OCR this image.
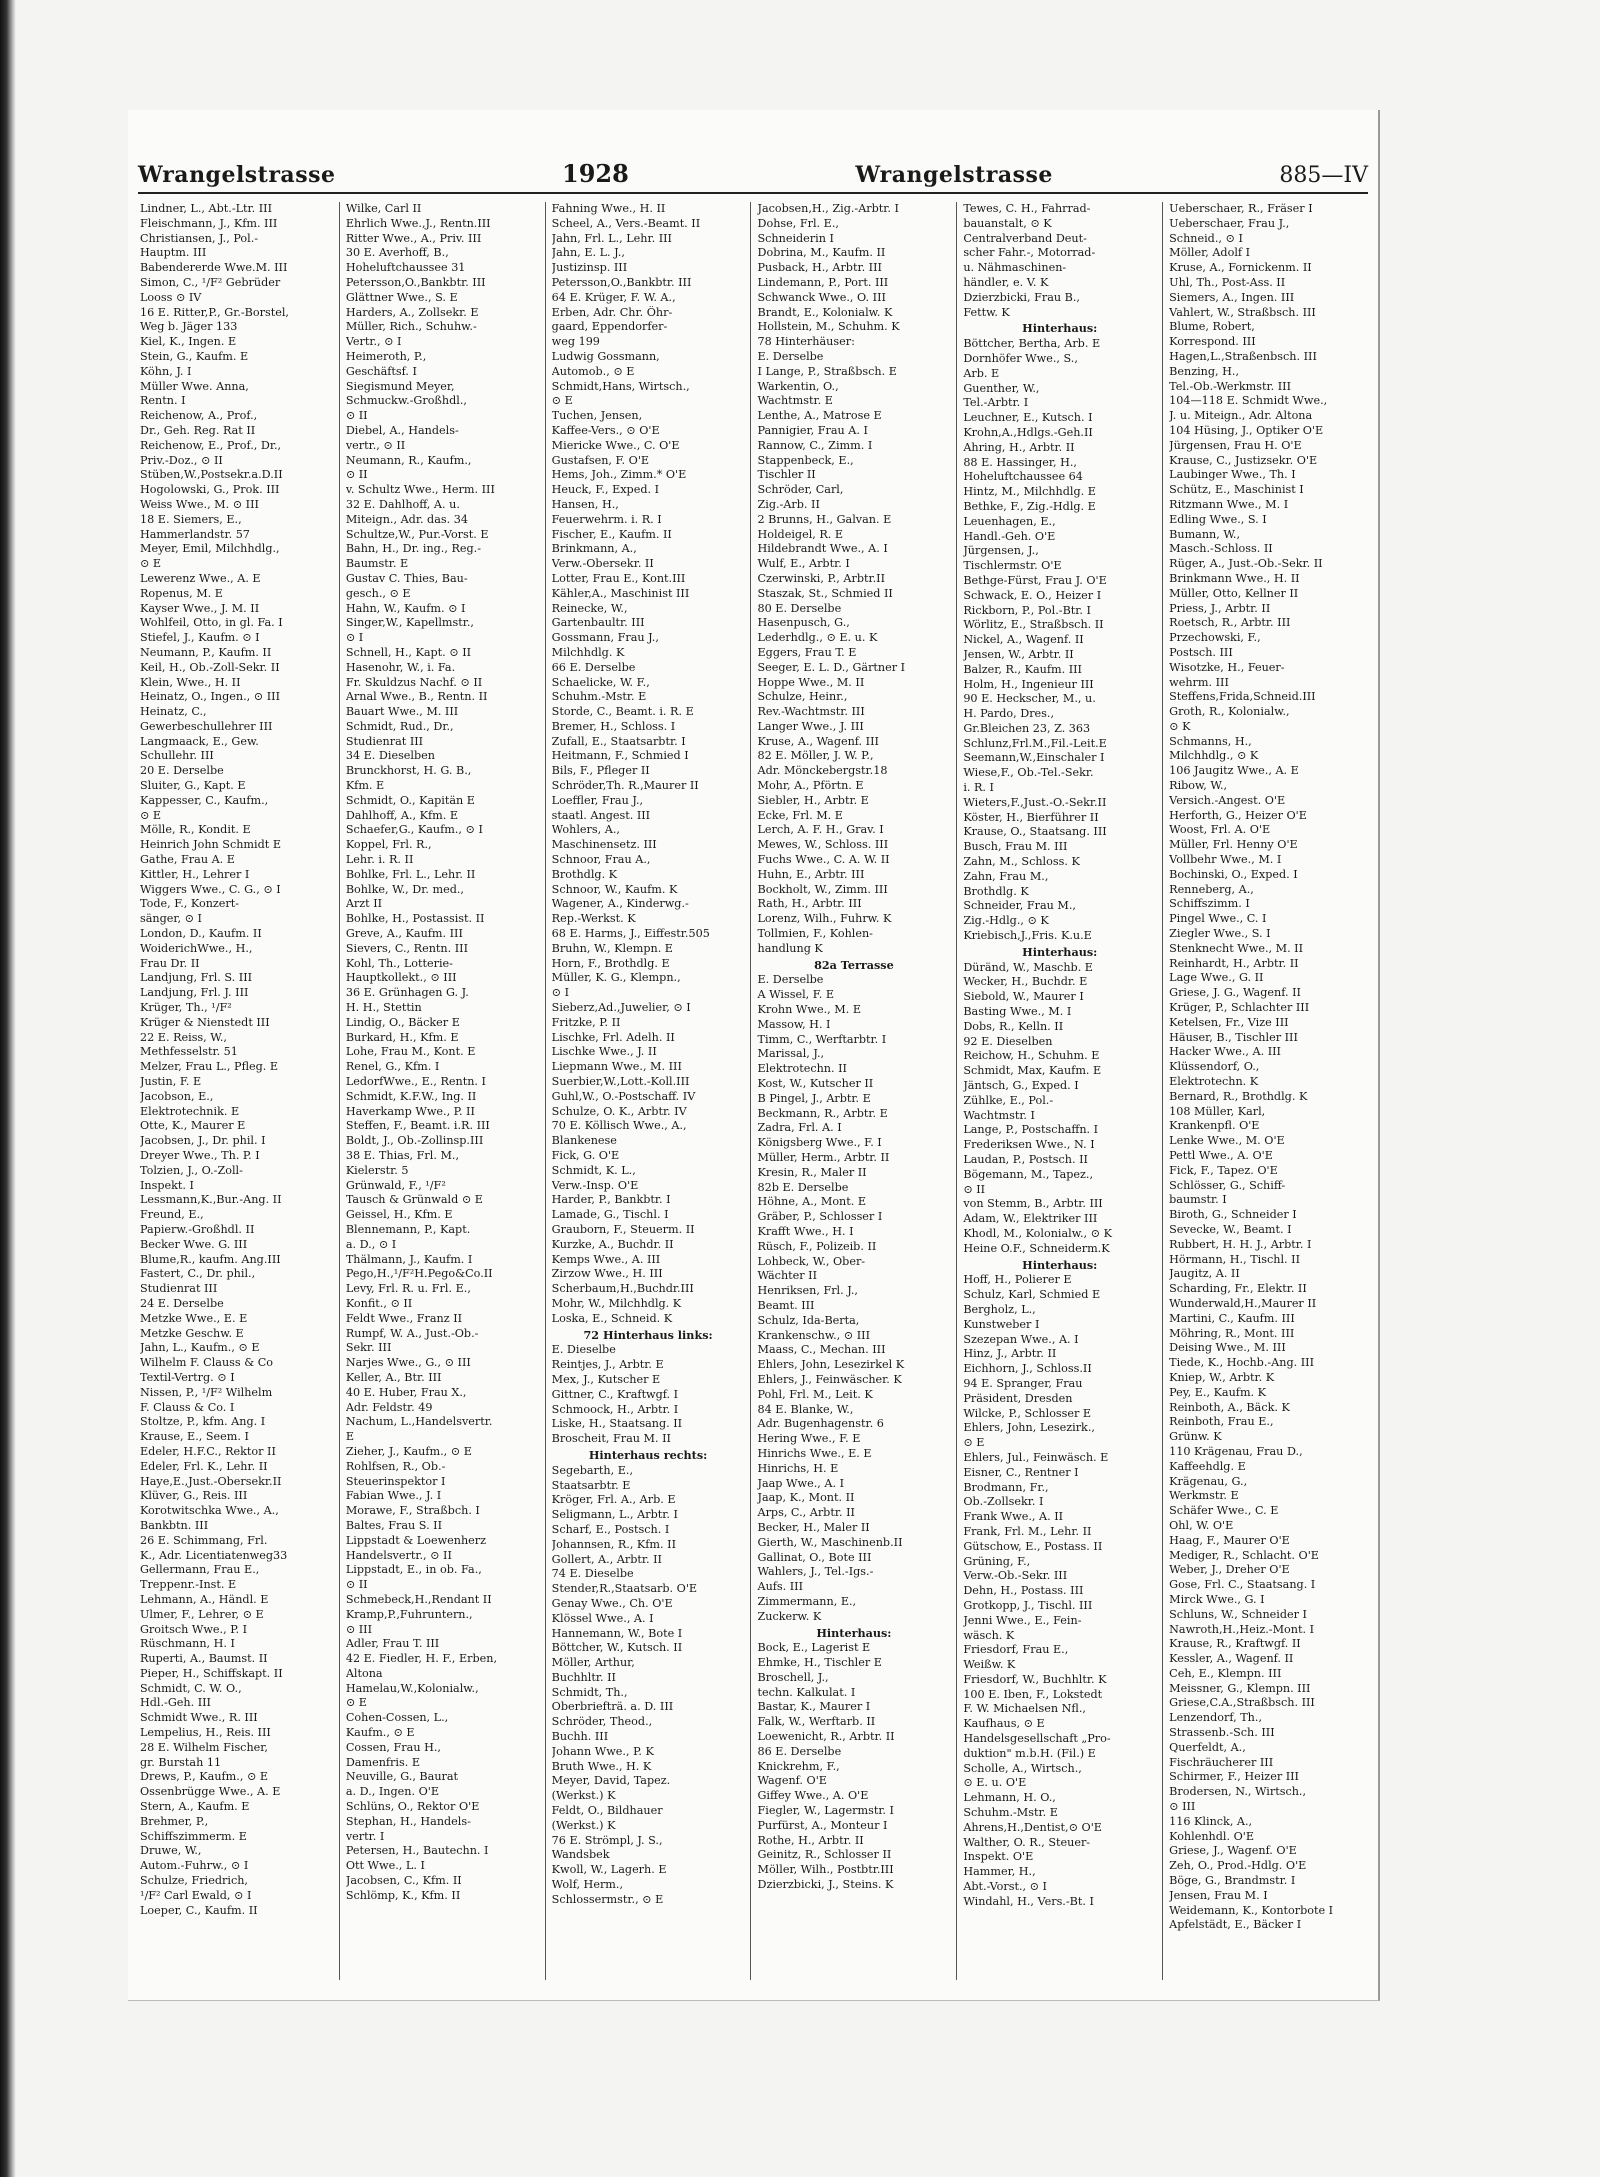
Wrangelstrasse	1928	Wrangelstrasse	885—IV
Lindner, L., Abt.-Ltr. III
Fleischmann, J., Kfm. III
Christiansen, J., Pol.-
Hauptm. III
Babendererde Wwe.M. III
Simon, C., ¹/F² Gebrüder
Looss ⊙ IV
16 E. Ritter,P., Gr.-Borstel,
Weg b. Jäger 133
Kiel, K., Ingen. E
Stein, G., Kaufm. E
Köhn, J. I
Müller Wwe. Anna,
Rentn. I
Reichenow, A., Prof.,
Dr., Geh. Reg. Rat II
Reichenow, E., Prof., Dr.,
Priv.-Doz., ⊙ II
Stüben,W.,Postsekr.a.D.II
Hogolowski, G., Prok. III
Weiss Wwe., M. ⊙ III
18 E. Siemers, E.,
Hammerlandstr. 57
Meyer, Emil, Milchhdlg.,
⊙ E
Lewerenz Wwe., A. E
Ropenus, M. E
Kayser Wwe., J. M. II
Wohlfeil, Otto, in gl. Fa. I
Stiefel, J., Kaufm. ⊙ I
Neumann, P., Kaufm. II
Keil, H., Ob.-Zoll-Sekr. II
Klein, Wwe., H. II
Heinatz, O., Ingen., ⊙ III
Heinatz, C.,
Gewerbeschullehrer III
Langmaack, E., Gew.
Schullehr. III
20 E. Derselbe
Sluiter, G., Kapt. E
Kappesser, C., Kaufm.,
⊙ E
Mölle, R., Kondit. E
Heinrich John Schmidt E
Gathe, Frau A. E
Kittler, H., Lehrer I
Wiggers Wwe., C. G., ⊙ I
Tode, F., Konzert-
sänger, ⊙ I
London, D., Kaufm. II
WoiderichWwe., H.,
Frau Dr. II
Landjung, Frl. S. III
Landjung, Frl. J. III
Krüger, Th., ¹/F²
Krüger & Nienstedt III
22 E. Reiss, W.,
Methfesselstr. 51
Melzer, Frau L., Pfleg. E
Justin, F. E
Jacobson, E.,
Elektrotechnik. E
Otte, K., Maurer E
Jacobsen, J., Dr. phil. I
Dreyer Wwe., Th. P. I
Tolzien, J., O.-Zoll-
Inspekt. I
Lessmann,K.,Bur.-Ang. II
Freund, E.,
Papierw.-Großhdl. II
Becker Wwe. G. III
Blume,R., kaufm. Ang.III
Fastert, C., Dr. phil.,
Studienrat III
24 E. Derselbe
Metzke Wwe., E. E
Metzke Geschw. E
Jahn, L., Kaufm., ⊙ E
Wilhelm F. Clauss & Co
Textil-Vertrg. ⊙ I
Nissen, P., ¹/F² Wilhelm
F. Clauss & Co. I
Stoltze, P., kfm. Ang. I
Krause, E., Seem. I
Edeler, H.F.C., Rektor II
Edeler, Frl. K., Lehr. II
Haye,E.,Just.-Obersekr.II
Klüver, G., Reis. III
Korotwitschka Wwe., A.,
Bankbtn. III
26 E. Schimmang, Frl.
K., Adr. Licentiatenweg33
Gellermann, Frau E.,
Treppenr.-Inst. E
Lehmann, A., Händl. E
Ulmer, F., Lehrer, ⊙ E
Groitsch Wwe., P. I
Rüschmann, H. I
Ruperti, A., Baumst. II
Pieper, H., Schiffskapt. II
Schmidt, C. W. O.,
Hdl.-Geh. III
Schmidt Wwe., R. III
Lempelius, H., Reis. III
28 E. Wilhelm Fischer,
gr. Burstah 11
Drews, P., Kaufm., ⊙ E
Ossenbrügge Wwe., A. E
Stern, A., Kaufm. E
Brehmer, P.,
Schiffszimmerm. E
Druwe, W.,
Autom.-Fuhrw., ⊙ I
Schulze, Friedrich,
¹/F² Carl Ewald, ⊙ I
Loeper, C., Kaufm. II
Wilke, Carl II
Ehrlich Wwe.,J., Rentn.III
Ritter Wwe., A., Priv. III
30 E. Averhoff, B.,
Hoheluftchaussee 31
Petersson,O.,Bankbtr. III
Glättner Wwe., S. E
Harders, A., Zollsekr. E
Müller, Rich., Schuhw.-
Vertr., ⊙ I
Heimeroth, P.,
Geschäftsf. I
Siegismund Meyer,
Schmuckw.-Großhdl.,
⊙ II
Diebel, A., Handels-
vertr., ⊙ II
Neumann, R., Kaufm.,
⊙ II
v. Schultz Wwe., Herm. III
32 E. Dahlhoff, A. u.
Miteign., Adr. das. 34
Schultze,W., Pur.-Vorst. E
Bahn, H., Dr. ing., Reg.-
Baumstr. E
Gustav C. Thies, Bau-
gesch., ⊙ E
Hahn, W., Kaufm. ⊙ I
Singer,W., Kapellmstr.,
⊙ I
Schnell, H., Kapt. ⊙ II
Hasenohr, W., i. Fa.
Fr. Skuldzus Nachf. ⊙ II
Arnal Wwe., B., Rentn. II
Bauart Wwe., M. III
Schmidt, Rud., Dr.,
Studienrat III
34 E. Dieselben
Brunckhorst, H. G. B.,
Kfm. E
Schmidt, O., Kapitän E
Dahlhoff, A., Kfm. E
Schaefer,G., Kaufm., ⊙ I
Koppel, Frl. R.,
Lehr. i. R. II
Bohlke, Frl. L., Lehr. II
Bohlke, W., Dr. med.,
Arzt II
Bohlke, H., Postassist. II
Greve, A., Kaufm. III
Sievers, C., Rentn. III
Kohl, Th., Lotterie-
Hauptkollekt., ⊙ III
36 E. Grünhagen G. J.
H. H., Stettin
Lindig, O., Bäcker E
Burkard, H., Kfm. E
Lohe, Frau M., Kont. E
Renel, G., Kfm. I
LedorfWwe., E., Rentn. I
Schmidt, K.F.W., Ing. II
Haverkamp Wwe., P. II
Steffen, F., Beamt. i.R. III
Boldt, J., Ob.-Zollinsp.III
38 E. Thias, Frl. M.,
Kielerstr. 5
Grünwald, F., ¹/F²
Tausch & Grünwald ⊙ E
Geissel, H., Kfm. E
Blennemann, P., Kapt.
a. D., ⊙ I
Thälmann, J., Kaufm. I
Pego,H.,¹/F²H.Pego&Co.II
Levy, Frl. R. u. Frl. E.,
Konfit., ⊙ II
Feldt Wwe., Franz II
Rumpf, W. A., Just.-Ob.-
Sekr. III
Narjes Wwe., G., ⊙ III
Keller, A., Btr. III
40 E. Huber, Frau X.,
Adr. Feldstr. 49
Nachum, L.,Handelsvertr.
E
Zieher, J., Kaufm., ⊙ E
Rohlfsen, R., Ob.-
Steuerinspektor I
Fabian Wwe., J. I
Morawe, F., Straßbch. I
Baltes, Frau S. II
Lippstadt & Loewenherz
Handelsvertr., ⊙ II
Lippstadt, E., in ob. Fa.,
⊙ II
Schmebeck,H.,Rendant II
Kramp,P.,Fuhruntern.,
⊙ III
Adler, Frau T. III
42 E. Fiedler, H. F., Erben,
Altona
Hamelau,W.,Kolonialw.,
⊙ E
Cohen-Cossen, L.,
Kaufm., ⊙ E
Cossen, Frau H.,
Damenfris. E
Neuville, G., Baurat
a. D., Ingen. O'E
Schlüns, O., Rektor O'E
Stephan, H., Handels-
vertr. I
Petersen, H., Bautechn. I
Ott Wwe., L. I
Jacobsen, C., Kfm. II
Schlömp, K., Kfm. II
Fahning Wwe., H. II
Scheel, A., Vers.-Beamt. II
Jahn, Frl. L., Lehr. III
Jahn, E. L. J.,
Justizinsp. III
Petersson,O.,Bankbtr. III
64 E. Krüger, F. W. A.,
Erben, Adr. Chr. Öhr-
gaard, Eppendorfer-
weg 199
Ludwig Gossmann,
Automob., ⊙ E
Schmidt,Hans, Wirtsch.,
⊙ E
Tuchen, Jensen,
Kaffee-Vers., ⊙ O'E
Miericke Wwe., C. O'E
Gustafsen, F. O'E
Hems, Joh., Zimm.* O'E
Heuck, F., Exped. I
Hansen, H.,
Feuerwehrm. i. R. I
Fischer, E., Kaufm. II
Brinkmann, A.,
Verw.-Obersekr. II
Lotter, Frau E., Kont.III
Kähler,A., Maschinist III
Reinecke, W.,
Gartenbaultr. III
Gossmann, Frau J.,
Milchhdlg. K
66 E. Derselbe
Schaelicke, W. F.,
Schuhm.-Mstr. E
Storde, C., Beamt. i. R. E
Bremer, H., Schloss. I
Zufall, E., Staatsarbtr. I
Heitmann, F., Schmied I
Bils, F., Pfleger II
Schröder,Th. R.,Maurer II
Loeffler, Frau J.,
staatl. Angest. III
Wohlers, A.,
Maschinensetz. III
Schnoor, Frau A.,
Brothdlg. K
Schnoor, W., Kaufm. K
Wagener, A., Kinderwg.-
Rep.-Werkst. K
68 E. Harms, J., Eiffestr.505
Bruhn, W., Klempn. E
Horn, F., Brothdlg. E
Müller, K. G., Klempn.,
⊙ I
Sieberz,Ad.,Juwelier, ⊙ I
Fritzke, P. II
Lischke, Frl. Adelh. II
Lischke Wwe., J. II
Liepmann Wwe., M. III
Suerbier,W.,Lott.-Koll.III
Guhl,W., O.-Postschaff. IV
Schulze, O. K., Arbtr. IV
70 E. Köllisch Wwe., A.,
Blankenese
Fick, G. O'E
Schmidt, K. L.,
Verw.-Insp. O'E
Harder, P., Bankbtr. I
Lamade, G., Tischl. I
Grauborn, F., Steuerm. II
Kurzke, A., Buchdr. II
Kemps Wwe., A. III
Zirzow Wwe., H. III
Scherbaum,H.,Buchdr.III
Mohr, W., Milchhdlg. K
Loska, E., Schneid. K
72 Hinterhaus links:
E. Dieselbe
Reintjes, J., Arbtr. E
Mex, J., Kutscher E
Gittner, C., Kraftwgf. I
Schmoock, H., Arbtr. I
Liske, H., Staatsang. II
Broscheit, Frau M. II
Hinterhaus rechts:
Segebarth, E.,
Staatsarbtr. E
Kröger, Frl. A., Arb. E
Seligmann, L., Arbtr. I
Scharf, E., Postsch. I
Johannsen, R., Kfm. II
Gollert, A., Arbtr. II
74 E. Dieselbe
Stender,R.,Staatsarb. O'E
Genay Wwe., Ch. O'E
Klössel Wwe., A. I
Hannemann, W., Bote I
Böttcher, W., Kutsch. II
Möller, Arthur,
Buchhltr. II
Schmidt, Th.,
Oberbriefträ. a. D. III
Schröder, Theod.,
Buchh. III
Johann Wwe., P. K
Bruth Wwe., H. K
Meyer, David, Tapez.
(Werkst.) K
Feldt, O., Bildhauer
(Werkst.) K
76 E. Strömpl, J. S.,
Wandsbek
Kwoll, W., Lagerh. E
Wolf, Herm.,
Schlossermstr., ⊙ E
Jacobsen,H., Zig.-Arbtr. I
Dohse, Frl. E.,
Schneiderin I
Dobrina, M., Kaufm. II
Pusback, H., Arbtr. III
Lindemann, P., Port. III
Schwanck Wwe., O. III
Brandt, E., Kolonialw. K
Hollstein, M., Schuhm. K
78 Hinterhäuser:
E. Derselbe
I Lange, P., Straßbsch. E
Warkentin, O.,
Wachtmstr. E
Lenthe, A., Matrose E
Pannigier, Frau A. I
Rannow, C., Zimm. I
Stappenbeck, E.,
Tischler II
Schröder, Carl,
Zig.-Arb. II
2 Brunns, H., Galvan. E
Holdeigel, R. E
Hildebrandt Wwe., A. I
Wulf, E., Arbtr. I
Czerwinski, P., Arbtr.II
Staszak, St., Schmied II
80 E. Derselbe
Hasenpusch, G.,
Lederhdlg., ⊙ E. u. K
Eggers, Frau T. E
Seeger, E. L. D., Gärtner I
Hoppe Wwe., M. II
Schulze, Heinr.,
Rev.-Wachtmstr. III
Langer Wwe., J. III
Kruse, A., Wagenf. III
82 E. Möller, J. W. P.,
Adr. Mönckebergstr.18
Mohr, A., Pförtn. E
Siebler, H., Arbtr. E
Ecke, Frl. M. E
Lerch, A. F. H., Grav. I
Mewes, W., Schloss. III
Fuchs Wwe., C. A. W. II
Huhn, E., Arbtr. III
Bockholt, W., Zimm. III
Rath, H., Arbtr. III
Lorenz, Wilh., Fuhrw. K
Tollmien, F., Kohlen-
handlung K
82a Terrasse
E. Derselbe
A Wissel, F. E
Krohn Wwe., M. E
Massow, H. I
Timm, C., Werftarbtr. I
Marissal, J.,
Elektrotechn. II
Kost, W., Kutscher II
B Pingel, J., Arbtr. E
Beckmann, R., Arbtr. E
Zadra, Frl. A. I
Königsberg Wwe., F. I
Müller, Herm., Arbtr. II
Kresin, R., Maler II
82b E. Derselbe
Höhne, A., Mont. E
Gräber, P., Schlosser I
Krafft Wwe., H. I
Rüsch, F., Polizeib. II
Lohbeck, W., Ober-
Wächter II
Henriksen, Frl. J.,
Beamt. III
Schulz, Ida-Berta,
Krankenschw., ⊙ III
Maass, C., Mechan. III
Ehlers, John, Lesezirkel K
Ehlers, J., Feinwäscher. K
Pohl, Frl. M., Leit. K
84 E. Blanke, W.,
Adr. Bugenhagenstr. 6
Hering Wwe., F. E
Hinrichs Wwe., E. E
Hinrichs, H. E
Jaap Wwe., A. I
Jaap, K., Mont. II
Arps, C., Arbtr. II
Becker, H., Maler II
Gierth, W., Maschinenb.II
Gallinat, O., Bote III
Wahlers, J., Tel.-Igs.-
Aufs. III
Zimmermann, E.,
Zuckerw. K
Hinterhaus:
Bock, E., Lagerist E
Ehmke, H., Tischler E
Broschell, J.,
techn. Kalkulat. I
Bastar, K., Maurer I
Falk, W., Werftarb. II
Loewenicht, R., Arbtr. II
86 E. Derselbe
Knickrehm, F.,
Wagenf. O'E
Giffey Wwe., A. O'E
Fiegler, W., Lagermstr. I
Purfürst, A., Monteur I
Rothe, H., Arbtr. II
Geinitz, R., Schlosser II
Möller, Wilh., Postbtr.III
Dzierzbicki, J., Steins. K
Tewes, C. H., Fahrrad-
bauanstalt, ⊙ K
Centralverband Deut-
scher Fahr.-, Motorrad-
u. Nähmaschinen-
händler, e. V. K
Dzierzbicki, Frau B.,
Fettw. K
Hinterhaus:
Böttcher, Bertha, Arb. E
Dornhöfer Wwe., S.,
Arb. E
Guenther, W.,
Tel.-Arbtr. I
Leuchner, E., Kutsch. I
Krohn,A.,Hdlgs.-Geh.II
Ahring, H., Arbtr. II
88 E. Hassinger, H.,
Hoheluftchaussee 64
Hintz, M., Milchhdlg. E
Bethke, F., Zig.-Hdlg. E
Leuenhagen, E.,
Handl.-Geh. O'E
Jürgensen, J.,
Tischlermstr. O'E
Bethge-Fürst, Frau J. O'E
Schwack, E. O., Heizer I
Rickborn, P., Pol.-Btr. I
Wörlitz, E., Straßbsch. II
Nickel, A., Wagenf. II
Jensen, W., Arbtr. II
Balzer, R., Kaufm. III
Holm, H., Ingenieur III
90 E. Heckscher, M., u.
H. Pardo, Dres.,
Gr.Bleichen 23, Z. 363
Schlunz,Frl.M.,Fil.-Leit.E
Seemann,W.,Einschaler I
Wiese,F., Ob.-Tel.-Sekr.
i. R. I
Wieters,F.,Just.-O.-Sekr.II
Köster, H., Bierführer II
Krause, O., Staatsang. III
Busch, Frau M. III
Zahn, M., Schloss. K
Zahn, Frau M.,
Brothdlg. K
Schneider, Frau M.,
Zig.-Hdlg., ⊙ K
Kriebisch,J.,Fris. K.u.E
Hinterhaus:
Düränd, W., Maschb. E
Wecker, H., Buchdr. E
Siebold, W., Maurer I
Basting Wwe., M. I
Dobs, R., Kelln. II
92 E. Dieselben
Reichow, H., Schuhm. E
Schmidt, Max, Kaufm. E
Jäntsch, G., Exped. I
Zühlke, E., Pol.-
Wachtmstr. I
Lange, P., Postschaffn. I
Frederiksen Wwe., N. I
Laudan, P., Postsch. II
Bögemann, M., Tapez.,
⊙ II
von Stemm, B., Arbtr. III
Adam, W., Elektriker III
Khodl, M., Kolonialw., ⊙ K
Heine O.F., Schneiderm.K
Hinterhaus:
Hoff, H., Polierer E
Schulz, Karl, Schmied E
Bergholz, L.,
Kunstweber I
Szezepan Wwe., A. I
Hinz, J., Arbtr. II
Eichhorn, J., Schloss.II
94 E. Spranger, Frau
Präsident, Dresden
Wilcke, P., Schlosser E
Ehlers, John, Lesezirk.,
⊙ E
Ehlers, Jul., Feinwäsch. E
Eisner, C., Rentner I
Brodmann, Fr.,
Ob.-Zollsekr. I
Frank Wwe., A. II
Frank, Frl. M., Lehr. II
Gütschow, E., Postass. II
Grüning, F.,
Verw.-Ob.-Sekr. III
Dehn, H., Postass. III
Grotkopp, J., Tischl. III
Jenni Wwe., E., Fein-
wäsch. K
Friesdorf, Frau E.,
Weißw. K
Friesdorf, W., Buchhltr. K
100 E. Iben, F., Lokstedt
F. W. Michaelsen Nfl.,
Kaufhaus, ⊙ E
Handelsgesellschaft „Pro-
duktion" m.b.H. (Fil.) E
Scholle, A., Wirtsch.,
⊙ E. u. O'E
Lehmann, H. O.,
Schuhm.-Mstr. E
Ahrens,H.,Dentist,⊙ O'E
Walther, O. R., Steuer-
Inspekt. O'E
Hammer, H.,
Abt.-Vorst., ⊙ I
Windahl, H., Vers.-Bt. I
Ueberschaer, R., Fräser I
Ueberschaer, Frau J.,
Schneid., ⊙ I
Möller, Adolf I
Kruse, A., Fornickenm. II
Uhl, Th., Post-Ass. II
Siemers, A., Ingen. III
Vahlert, W., Straßbsch. III
Blume, Robert,
Korrespond. III
Hagen,L.,Straßenbsch. III
Benzing, H.,
Tel.-Ob.-Werkmstr. III
104—118 E. Schmidt Wwe.,
J. u. Miteign., Adr. Altona
104 Hüsing, J., Optiker O'E
Jürgensen, Frau H. O'E
Krause, C., Justizsekr. O'E
Laubinger Wwe., Th. I
Schütz, E., Maschinist I
Ritzmann Wwe., M. I
Edling Wwe., S. I
Bumann, W.,
Masch.-Schloss. II
Rüger, A., Just.-Ob.-Sekr. II
Brinkmann Wwe., H. II
Müller, Otto, Kellner II
Priess, J., Arbtr. II
Roetsch, R., Arbtr. III
Przechowski, F.,
Postsch. III
Wisotzke, H., Feuer-
wehrm. III
Steffens,Frida,Schneid.III
Groth, R., Kolonialw.,
⊙ K
Schmanns, H.,
Milchhdlg., ⊙ K
106 Jaugitz Wwe., A. E
Ribow, W.,
Versich.-Angest. O'E
Herforth, G., Heizer O'E
Woost, Frl. A. O'E
Müller, Frl. Henny O'E
Vollbehr Wwe., M. I
Bochinski, O., Exped. I
Renneberg, A.,
Schiffszimm. I
Pingel Wwe., C. I
Ziegler Wwe., S. I
Stenknecht Wwe., M. II
Reinhardt, H., Arbtr. II
Lage Wwe., G. II
Griese, J. G., Wagenf. II
Krüger, P., Schlachter III
Ketelsen, Fr., Vize III
Häuser, B., Tischler III
Hacker Wwe., A. III
Klüssendorf, O.,
Elektrotechn. K
Bernard, R., Brothdlg. K
108 Müller, Karl,
Krankenpfl. O'E
Lenke Wwe., M. O'E
Pettl Wwe., A. O'E
Fick, F., Tapez. O'E
Schlösser, G., Schiff-
baumstr. I
Biroth, G., Schneider I
Sevecke, W., Beamt. I
Rubbert, H. H. J., Arbtr. I
Hörmann, H., Tischl. II
Jaugitz, A. II
Scharding, Fr., Elektr. II
Wunderwald,H.,Maurer II
Martini, C., Kaufm. III
Möhring, R., Mont. III
Deising Wwe., M. III
Tiede, K., Hochb.-Ang. III
Kniep, W., Arbtr. K
Pey, E., Kaufm. K
Reinboth, A., Bäck. K
Reinboth, Frau E.,
Grünw. K
110 Krägenau, Frau D.,
Kaffeehdlg. E
Krägenau, G.,
Werkmstr. E
Schäfer Wwe., C. E
Ohl, W. O'E
Haag, F., Maurer O'E
Mediger, R., Schlacht. O'E
Weber, J., Dreher O'E
Gose, Frl. C., Staatsang. I
Mirck Wwe., G. I
Schluns, W., Schneider I
Nawroth,H.,Heiz.-Mont. I
Krause, R., Kraftwgf. II
Kessler, A., Wagenf. II
Ceh, E., Klempn. III
Meissner, G., Klempn. III
Griese,C.A.,Straßbsch. III
Lenzendorf, Th.,
Strassenb.-Sch. III
Querfeldt, A.,
Fischräucherer III
Schirmer, F., Heizer III
Brodersen, N., Wirtsch.,
⊙ III
116 Klinck, A.,
Kohlenhdl. O'E
Griese, J., Wagenf. O'E
Zeh, O., Prod.-Hdlg. O'E
Böge, G., Brandmstr. I
Jensen, Frau M. I
Weidemann, K., Kontorbote I
Apfelstädt, E., Bäcker I
